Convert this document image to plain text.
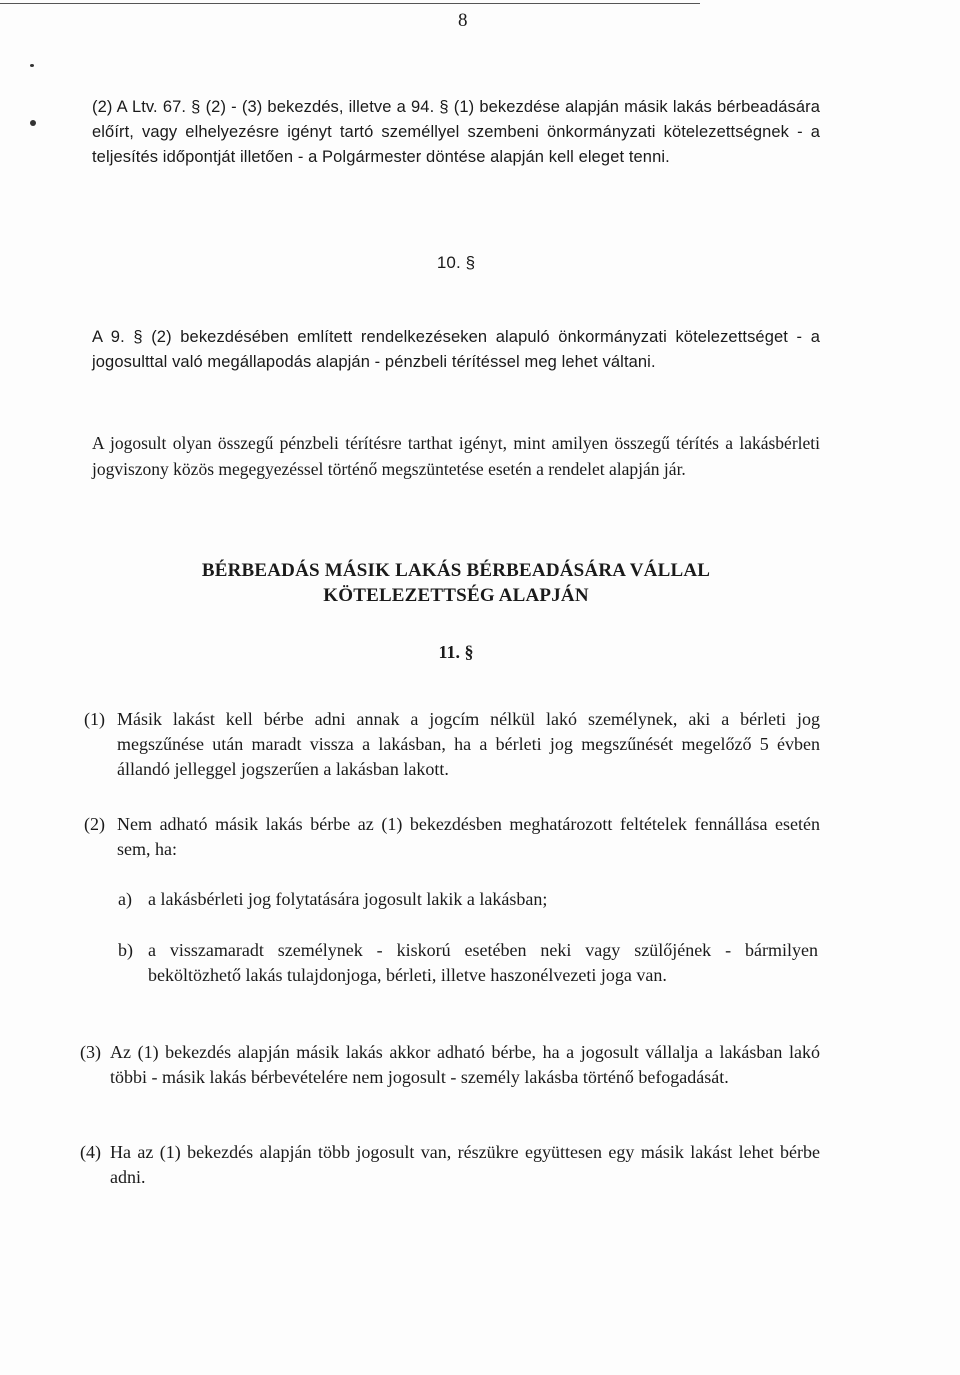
8
(2) A Ltv. 67. § (2) - (3) bekezdés, illetve a 94. § (1) bekezdése alapján másik lakás bérbeadására előírt, vagy elhelyezésre igényt tartó személlyel szembeni önkormányzati kötelezettségnek - a teljesítés időpontját illetően - a Polgármester döntése alapján kell eleget tenni.
10. §
A 9. § (2) bekezdésében említett rendelkezéseken alapuló önkormányzati kötelezettséget - a jogosulttal való megállapodás alapján - pénzbeli térítéssel meg lehet váltani.
A jogosult olyan összegű pénzbeli térítésre tarthat igényt, mint amilyen összegű térítés a lakásbérleti jogviszony közös megegyezéssel történő megszüntetése esetén a rendelet alapján jár.
BÉRBEADÁS MÁSIK LAKÁS BÉRBEADÁSÁRA VÁLLAL
KÖTELEZETTSÉG ALAPJÁN
11. §
(1) Másik lakást kell bérbe adni annak a jogcím nélkül lakó személynek, aki a bérleti jog megszűnése után maradt vissza a lakásban, ha a bérleti jog megszűnését megelőző 5 évben állandó jelleggel jogszerűen a lakásban lakott.
(2) Nem adható másik lakás bérbe az (1) bekezdésben meghatározott feltételek fennállása esetén sem, ha:
a) a lakásbérleti jog folytatására jogosult lakik a lakásban;
b) a visszamaradt személynek - kiskorú esetében neki vagy szülőjének - bármilyen beköltözhető lakás tulajdonjoga, bérleti, illetve haszonélvezeti joga van.
(3) Az (1) bekezdés alapján másik lakás akkor adható bérbe, ha a jogosult vállalja a lakásban lakó többi - másik lakás bérbevételére nem jogosult - személy lakásba történő befogadását.
(4) Ha az (1) bekezdés alapján több jogosult van, részükre együttesen egy másik lakást lehet bérbe adni.
